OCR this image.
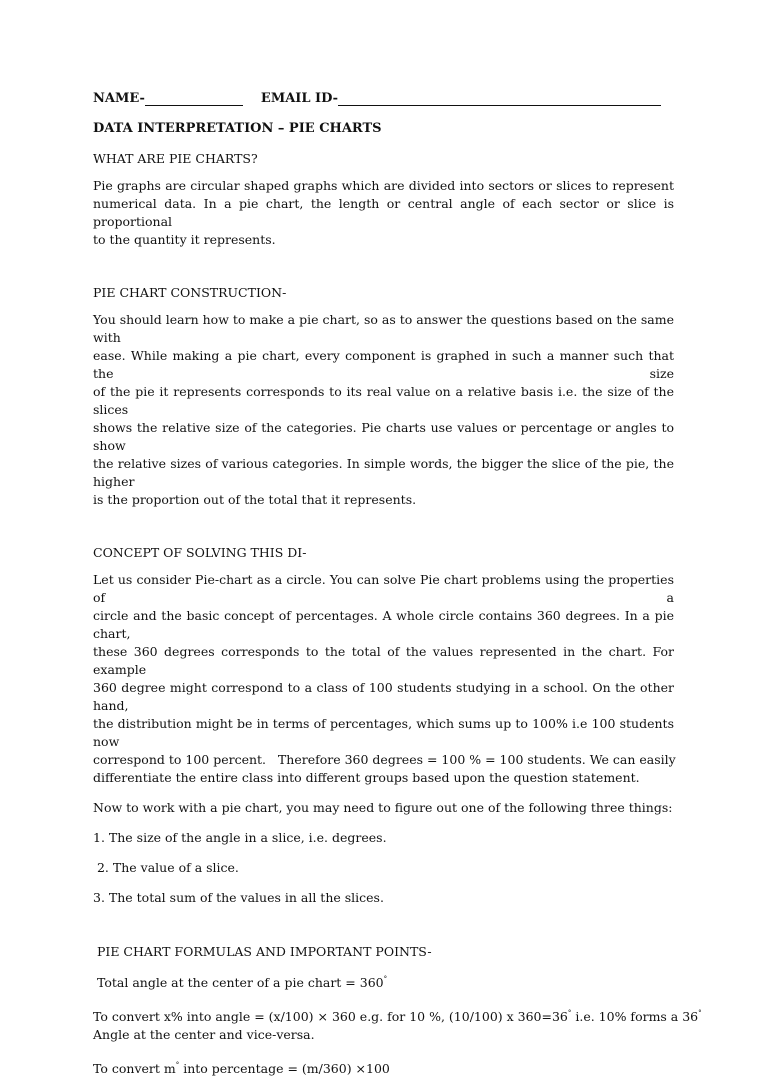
NAME-	EMAIL ID-

DATA INTERPRETATION – PIE CHARTS

WHAT ARE PIE CHARTS?

Pie graphs are circular shaped graphs which are divided into sectors or slices to represent

numerical data. In a pie chart, the length or central angle of each sector or slice is proportional

to the quantity it represents.

PIE CHART CONSTRUCTION-

You should learn how to make a pie chart, so as to answer the questions based on the same with

ease. While making a pie chart, every component is graphed in such a manner such that the size

of the pie it represents corresponds to its real value on a relative basis i.e. the size of the slices

shows the relative size of the categories. Pie charts use values or percentage or angles to show

the relative sizes of various categories. In simple words, the bigger the slice of the pie, the higher

is the proportion out of the total that it represents.

CONCEPT OF SOLVING THIS DI-

Let us consider Pie-chart as a circle. You can solve Pie chart problems using the properties of a

circle and the basic concept of percentages. A whole circle contains 360 degrees. In a pie chart,

these 360 degrees corresponds to the total of the values represented in the chart. For example

360 degree might correspond to a class of 100 students studying in a school. On the other hand,

the distribution might be in terms of percentages, which sums up to 100% i.e 100 students now

correspond to 100 percent.   Therefore 360 degrees = 100 % = 100 students. We can easily

differentiate the entire class into different groups based upon the question statement.

Now to work with a pie chart, you may need to figure out one of the following three things:

1. The size of the angle in a slice, i.e. degrees.

2. The value of a slice.

3. The total sum of the values in all the slices.

PIE CHART FORMULAS AND IMPORTANT POINTS-

Total angle at the center of a pie chart = 360°

To convert x% into angle = (x/100) × 360 e.g. for 10 %, (10/100) x 360=36° i.e. 10% forms a 36°

Angle at the center and vice-versa.

To convert m° into percentage = (m/360) ×100
